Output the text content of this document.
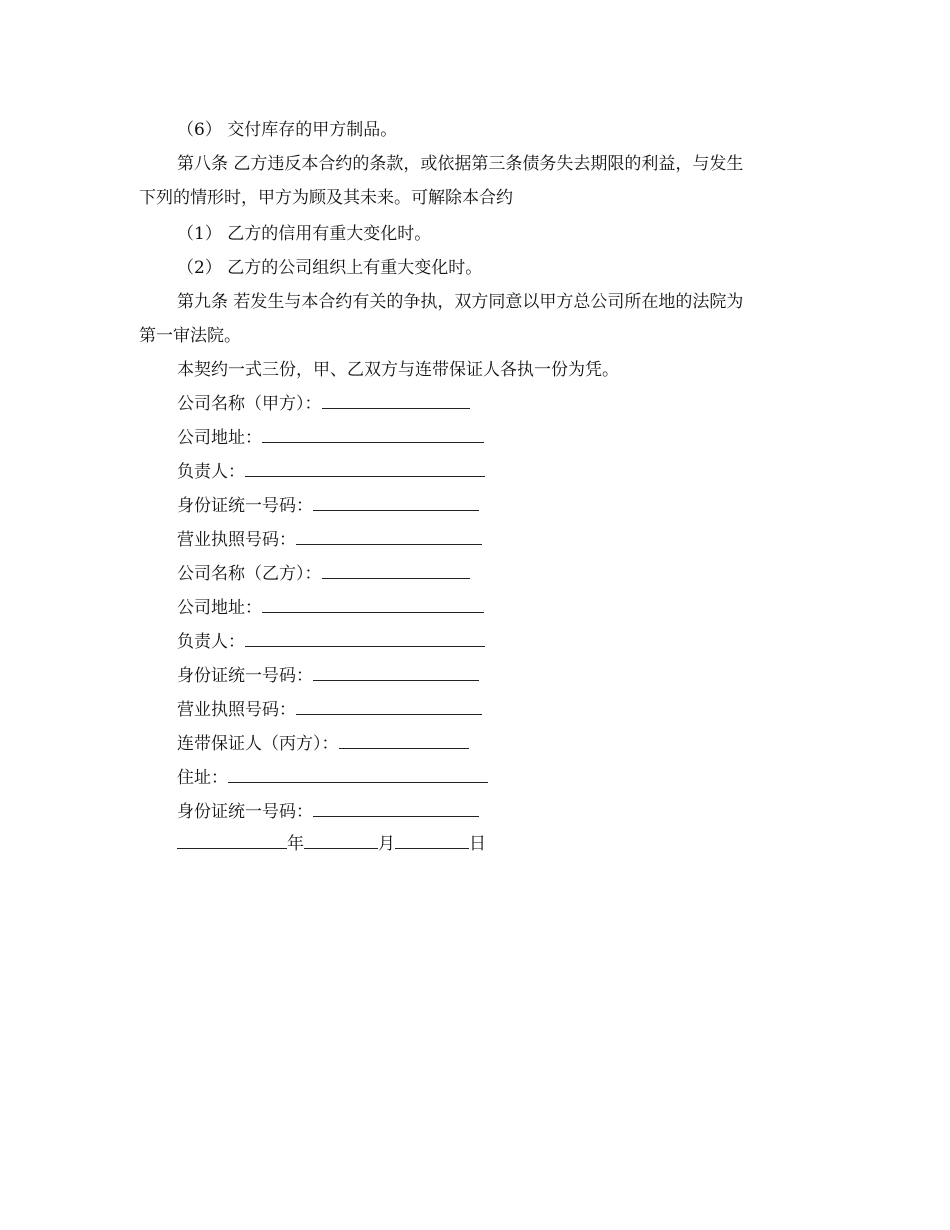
（6） 交付库存的甲方制品。
第八条 乙方违反本合约的条款，或依据第三条债务失去期限的利益，与发生
下列的情形时，甲方为顾及其未来。可解除本合约
（1） 乙方的信用有重大变化时。
（2） 乙方的公司组织上有重大变化时。
第九条 若发生与本合约有关的争执，双方同意以甲方总公司所在地的法院为
第一审法院。
本契约一式三份，甲、乙双方与连带保证人各执一份为凭。
公司名称（甲方）：
公司地址：
负责人：
身份证统一号码：
营业执照号码：
公司名称（乙方）：
公司地址：
负责人：
身份证统一号码：
营业执照号码：
连带保证人（丙方）：
住址：
身份证统一号码：
年	月	日
